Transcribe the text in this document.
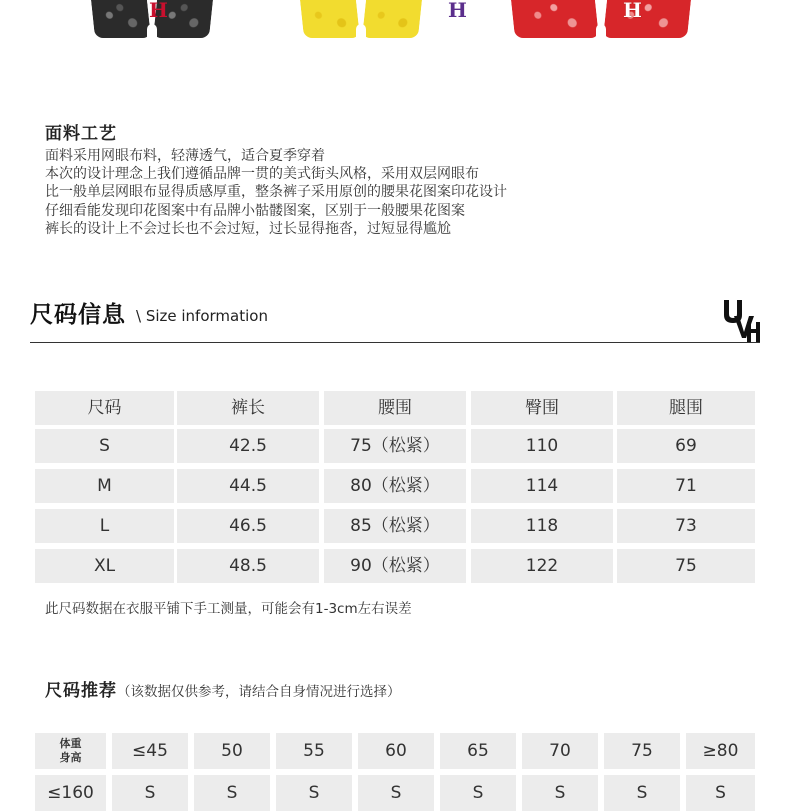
H	H	H
面料工艺

面料采用网眼布料，轻薄透气，适合夏季穿着

本次的设计理念上我们遵循品牌一贯的美式街头风格，采用双层网眼布

比一般单层网眼布显得质感厚重，整条裤子采用原创的腰果花图案印花设计

仔细看能发现印花图案中有品牌小骷髅图案，区别于一般腰果花图案

裤长的设计上不会过长也不会过短，过长显得拖沓，过短显得尴尬

尺码信息 \ Size information
尺码	裤长	腰围	臀围	腿围
S	42.5	75（松紧）	110	69
M	44.5	80（松紧）	114	71
L	46.5	85（松紧）	118	73
XL	48.5	90（松紧）	122	75
此尺码数据在衣服平铺下手工测量，可能会有1-3cm左右误差
尺码推荐（该数据仅供参考，请结合自身情况进行选择）
体重
身高	≤45	50	55	60	65	70	75	≥80
≤160	S	S	S	S	S	S	S	S
